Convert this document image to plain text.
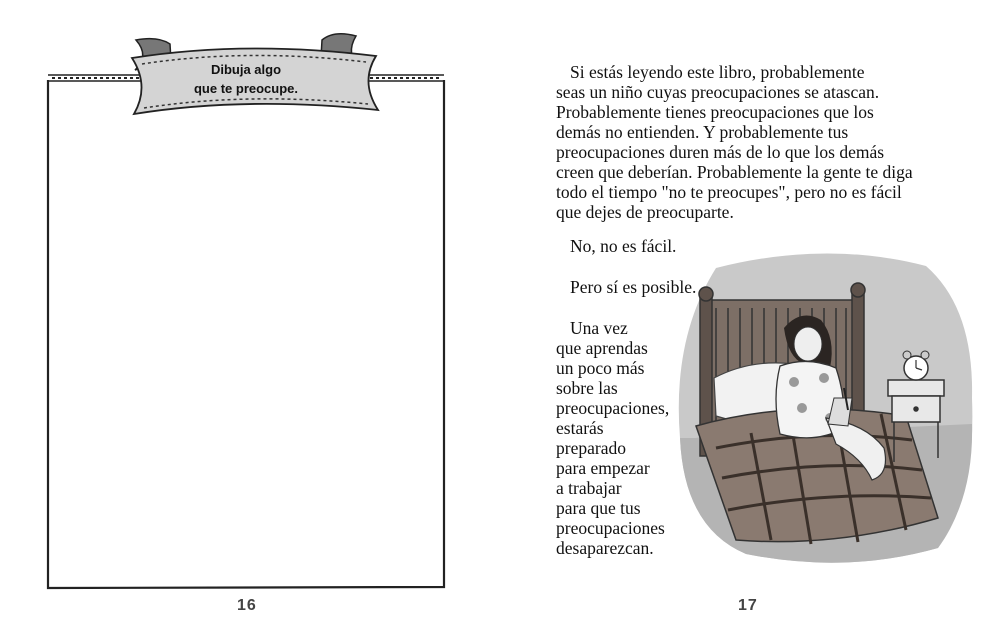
Dibuja algo
que te preocupe.
16
Si estás leyendo este libro, probablemente
seas un niño cuyas preocupaciones se atascan.
Probablemente tienes preocupaciones que los
demás no entienden. Y probablemente tus
preocupaciones duren más de lo que los demás
creen que deberían. Probablemente la gente te diga
todo el tiempo "no te preocupes", pero no es fácil
que dejes de preocuparte.
No, no es fácil.
Pero sí es posible.
Una vez
que aprendas
un poco más
sobre las
preocupaciones,
estarás
preparado
para empezar
a trabajar
para que tus
preocupaciones
desaparezcan.
17
